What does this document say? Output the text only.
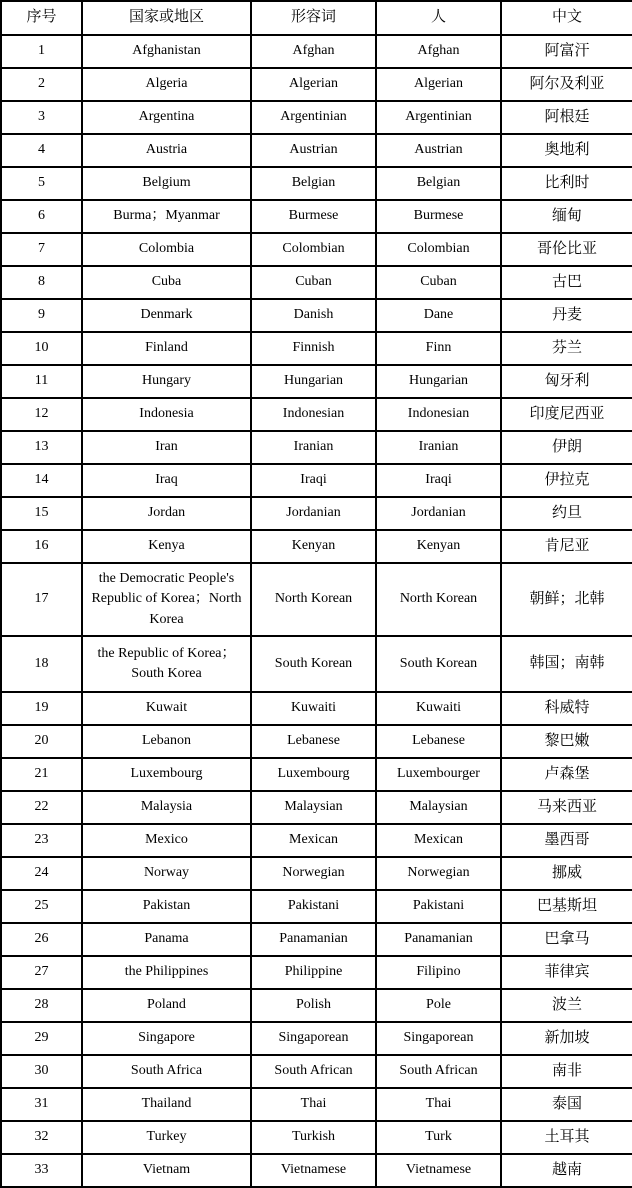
序号	国家或地区	形容词	人	中文
1	Afghanistan	Afghan	Afghan	阿富汗
2	Algeria	Algerian	Algerian	阿尔及利亚
3	Argentina	Argentinian	Argentinian	阿根廷
4	Austria	Austrian	Austrian	奥地利
5	Belgium	Belgian	Belgian	比利时
6	Burma；Myanmar	Burmese	Burmese	缅甸
7	Colombia	Colombian	Colombian	哥伦比亚
8	Cuba	Cuban	Cuban	古巴
9	Denmark	Danish	Dane	丹麦
10	Finland	Finnish	Finn	芬兰
11	Hungary	Hungarian	Hungarian	匈牙利
12	Indonesia	Indonesian	Indonesian	印度尼西亚
13	Iran	Iranian	Iranian	伊朗
14	Iraq	Iraqi	Iraqi	伊拉克
15	Jordan	Jordanian	Jordanian	约旦
16	Kenya	Kenyan	Kenyan	肯尼亚
17	the Democratic People's Republic of Korea；North Korea	North Korean	North Korean	朝鲜；北韩
18	the Republic of Korea；South Korea	South Korean	South Korean	韩国；南韩
19	Kuwait	Kuwaiti	Kuwaiti	科威特
20	Lebanon	Lebanese	Lebanese	黎巴嫩
21	Luxembourg	Luxembourg	Luxembourger	卢森堡
22	Malaysia	Malaysian	Malaysian	马来西亚
23	Mexico	Mexican	Mexican	墨西哥
24	Norway	Norwegian	Norwegian	挪威
25	Pakistan	Pakistani	Pakistani	巴基斯坦
26	Panama	Panamanian	Panamanian	巴拿马
27	the Philippines	Philippine	Filipino	菲律宾
28	Poland	Polish	Pole	波兰
29	Singapore	Singaporean	Singaporean	新加坡
30	South Africa	South African	South African	南非
31	Thailand	Thai	Thai	泰国
32	Turkey	Turkish	Turk	土耳其
33	Vietnam	Vietnamese	Vietnamese	越南
